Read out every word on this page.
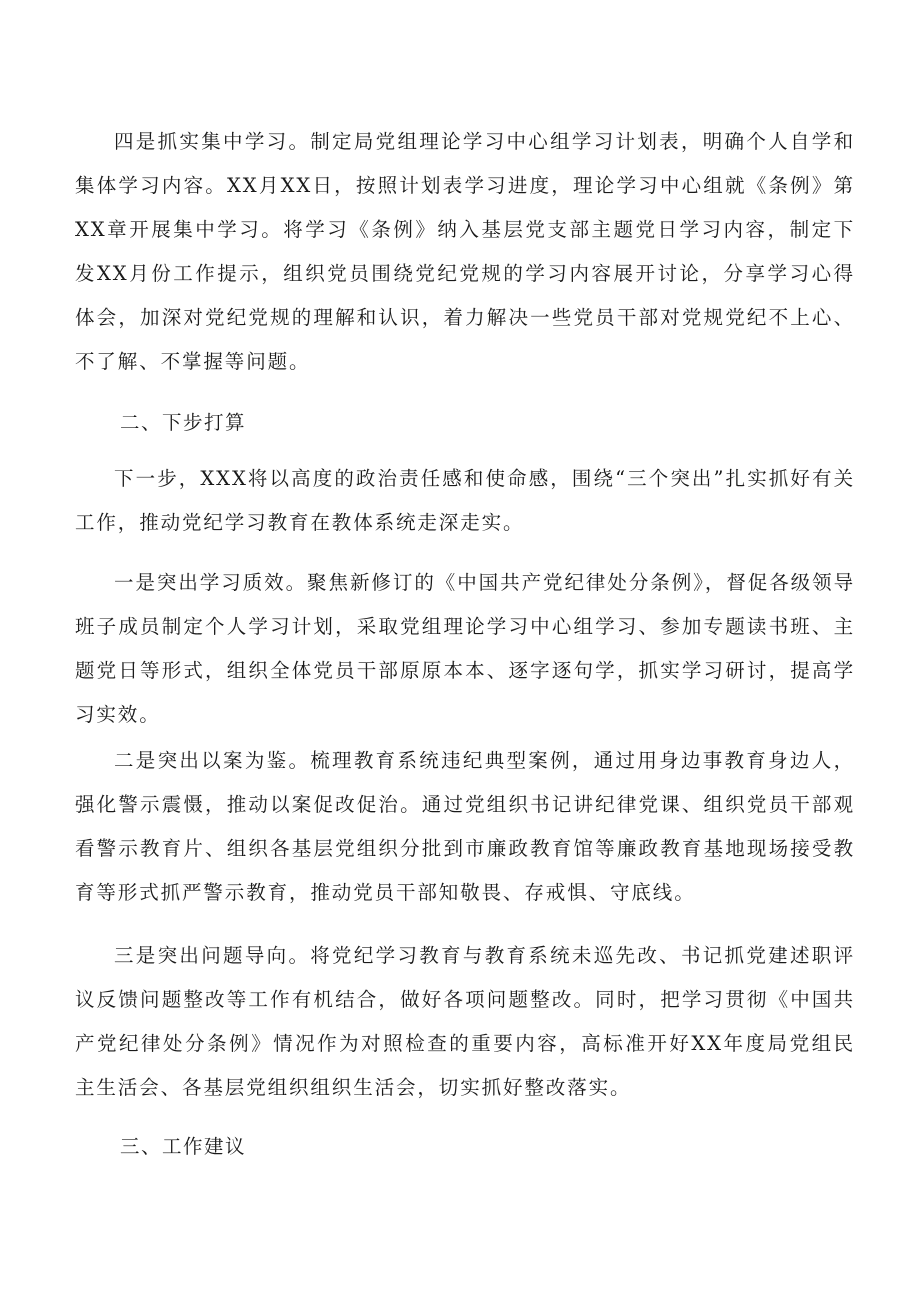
四是抓实集中学习。制定局党组理论学习中心组学习计划表，明确个人自学和集体学习内容。XX月XX日，按照计划表学习进度，理论学习中心组就《条例》第XX章开展集中学习。将学习《条例》纳入基层党支部主题党日学习内容，制定下发XX月份工作提示，组织党员围绕党纪党规的学习内容展开讨论，分享学习心得体会，加深对党纪党规的理解和认识，着力解决一些党员干部对党规党纪不上心、不了解、不掌握等问题。

二、下步打算

下一步，XXX将以高度的政治责任感和使命感，围绕“三个突出”扎实抓好有关工作，推动党纪学习教育在教体系统走深走实。

一是突出学习质效。聚焦新修订的《中国共产党纪律处分条例》，督促各级领导班子成员制定个人学习计划，采取党组理论学习中心组学习、参加专题读书班、主题党日等形式，组织全体党员干部原原本本、逐字逐句学，抓实学习研讨，提高学习实效。

二是突出以案为鉴。梳理教育系统违纪典型案例，通过用身边事教育身边人，强化警示震慑，推动以案促改促治。通过党组织书记讲纪律党课、组织党员干部观看警示教育片、组织各基层党组织分批到市廉政教育馆等廉政教育基地现场接受教育等形式抓严警示教育，推动党员干部知敬畏、存戒惧、守底线。

三是突出问题导向。将党纪学习教育与教育系统未巡先改、书记抓党建述职评议反馈问题整改等工作有机结合，做好各项问题整改。同时，把学习贯彻《中国共产党纪律处分条例》情况作为对照检查的重要内容，高标准开好XX年度局党组民主生活会、各基层党组织组织生活会，切实抓好整改落实。

三、工作建议
